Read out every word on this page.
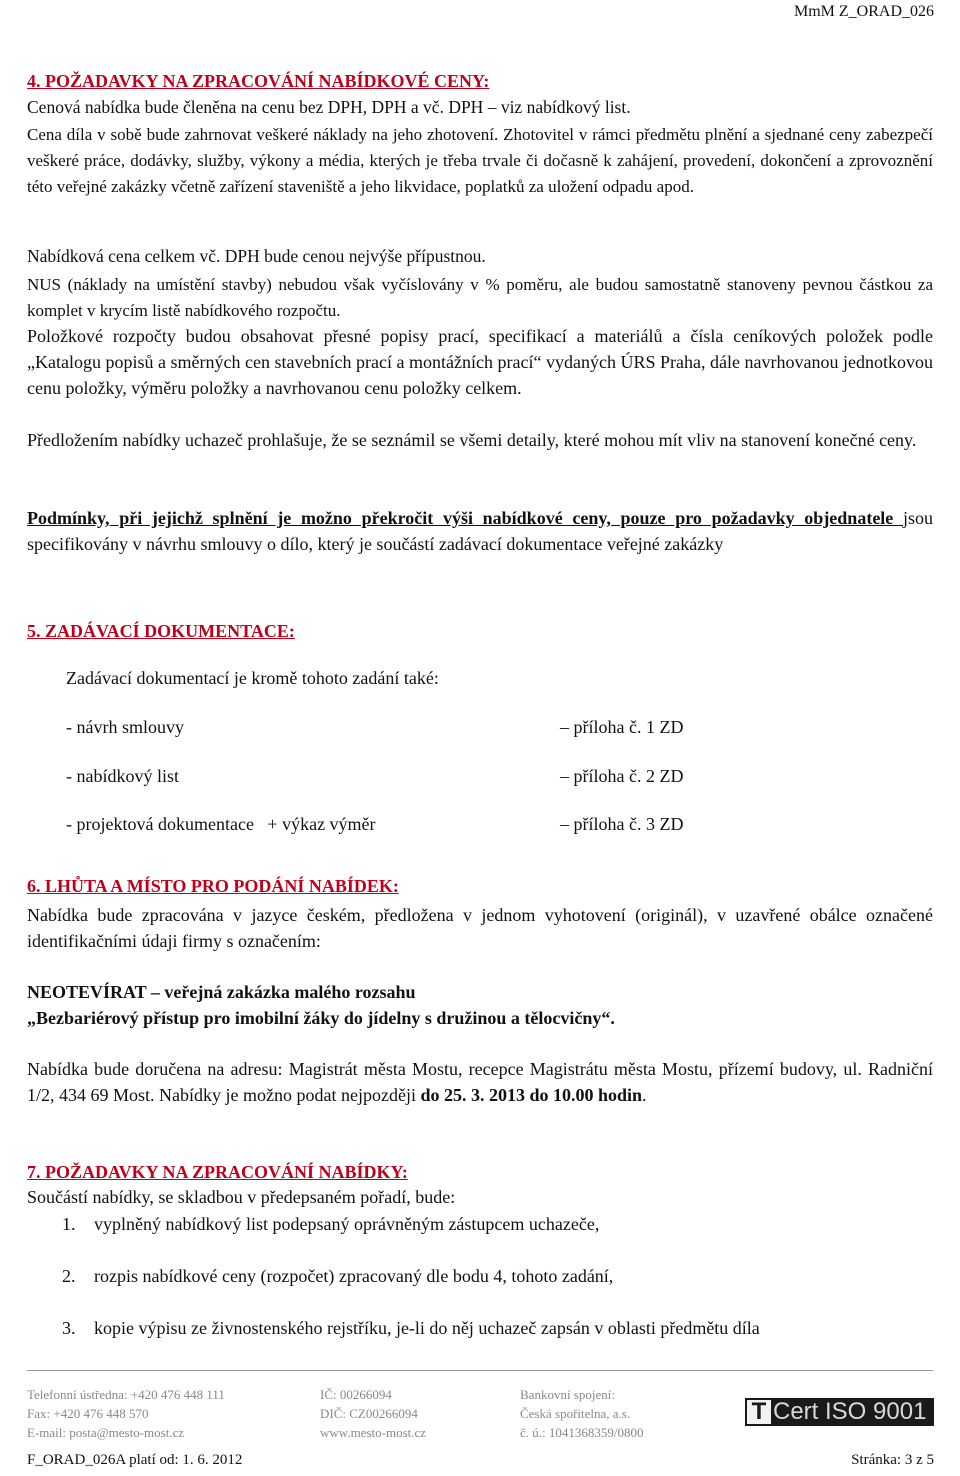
MmM Z_ORAD_026
4. POŽADAVKY NA ZPRACOVÁNÍ NABÍDKOVÉ CENY:
Cenová nabídka bude členěna na cenu bez DPH, DPH a vč. DPH – viz nabídkový list.
Cena díla v sobě bude zahrnovat veškeré náklady na jeho zhotovení. Zhotovitel v rámci předmětu plnění a sjednané ceny zabezpečí veškeré práce, dodávky, služby, výkony a média, kterých je třeba trvale či dočasně k zahájení, provedení, dokončení a zprovoznění této veřejné zakázky včetně zařízení staveniště a jeho likvidace, poplatků za uložení odpadu apod.
Nabídková cena celkem vč. DPH bude cenou nejvýše přípustnou.
NUS (náklady na umístění stavby) nebudou však vyčíslovány v % poměru, ale budou samostatně stanoveny pevnou částkou za komplet v krycím listě nabídkového rozpočtu.
Položkové rozpočty budou obsahovat přesné popisy prací, specifikací a materiálů a čísla ceníkových položek podle „Katalogu popisů a směrných cen stavebních prací a montážních prací“ vydaných ÚRS Praha, dále navrhovanou jednotkovou cenu položky, výměru položky a navrhovanou cenu položky celkem.
Předložením nabídky uchazeč prohlašuje, že se seznámil se všemi detaily, které mohou mít vliv na stanovení konečné ceny.
Podmínky, při jejichž splnění je možno překročit výši nabídkové ceny, pouze pro požadavky objednatele jsou specifikovány v návrhu smlouvy o dílo, který je součástí zadávací dokumentace veřejné zakázky
5. ZADÁVACÍ DOKUMENTACE:
Zadávací dokumentací je kromě tohoto zadání také:
- návrh smlouvy	– příloha č. 1 ZD
- nabídkový list	– příloha č. 2 ZD
- projektová dokumentace   + výkaz výměr	– příloha č. 3 ZD
6. LHŮTA A MÍSTO PRO PODÁNÍ NABÍDEK:
Nabídka bude zpracována v jazyce českém, předložena v jednom vyhotovení (originál), v uzavřené obálce označené identifikačními údaji firmy s označením:
NEOTEVÍRAT – veřejná zakázka malého rozsahu
„Bezbariérový přístup pro imobilní žáky do jídelny s družinou a tělocvičny“.
Nabídka bude doručena na adresu: Magistrát města Mostu, recepce Magistrátu města Mostu, přízemí budovy, ul. Radniční 1/2, 434 69 Most. Nabídky je možno podat nejpozději do 25. 3. 2013 do 10.00 hodin.
7. POŽADAVKY NA ZPRACOVÁNÍ NABÍDKY:
Součástí nabídky, se skladbou v předepsaném pořadí, bude:
1. vyplněný nabídkový list podepsaný oprávněným zástupcem uchazeče,
2. rozpis nabídkové ceny (rozpočet) zpracovaný dle bodu 4, tohoto zadání,
3. kopie výpisu ze živnostenského rejstříku, je-li do něj uchazeč zapsán v oblasti předmětu díla
Telefonní ústředna: +420 476 448 111
Fax: +420 476 448 570
E-mail: posta@mesto-most.cz
IČ: 00266094
DIČ: CZ00266094
www.mesto-most.cz
Bankovní spojení:
Česká spořitelna, a.s.
č. ú.: 1041368359/0800
T Cert ISO 9001
F_ORAD_026A platí od: 1. 6. 2012	Stránka: 3 z 5
